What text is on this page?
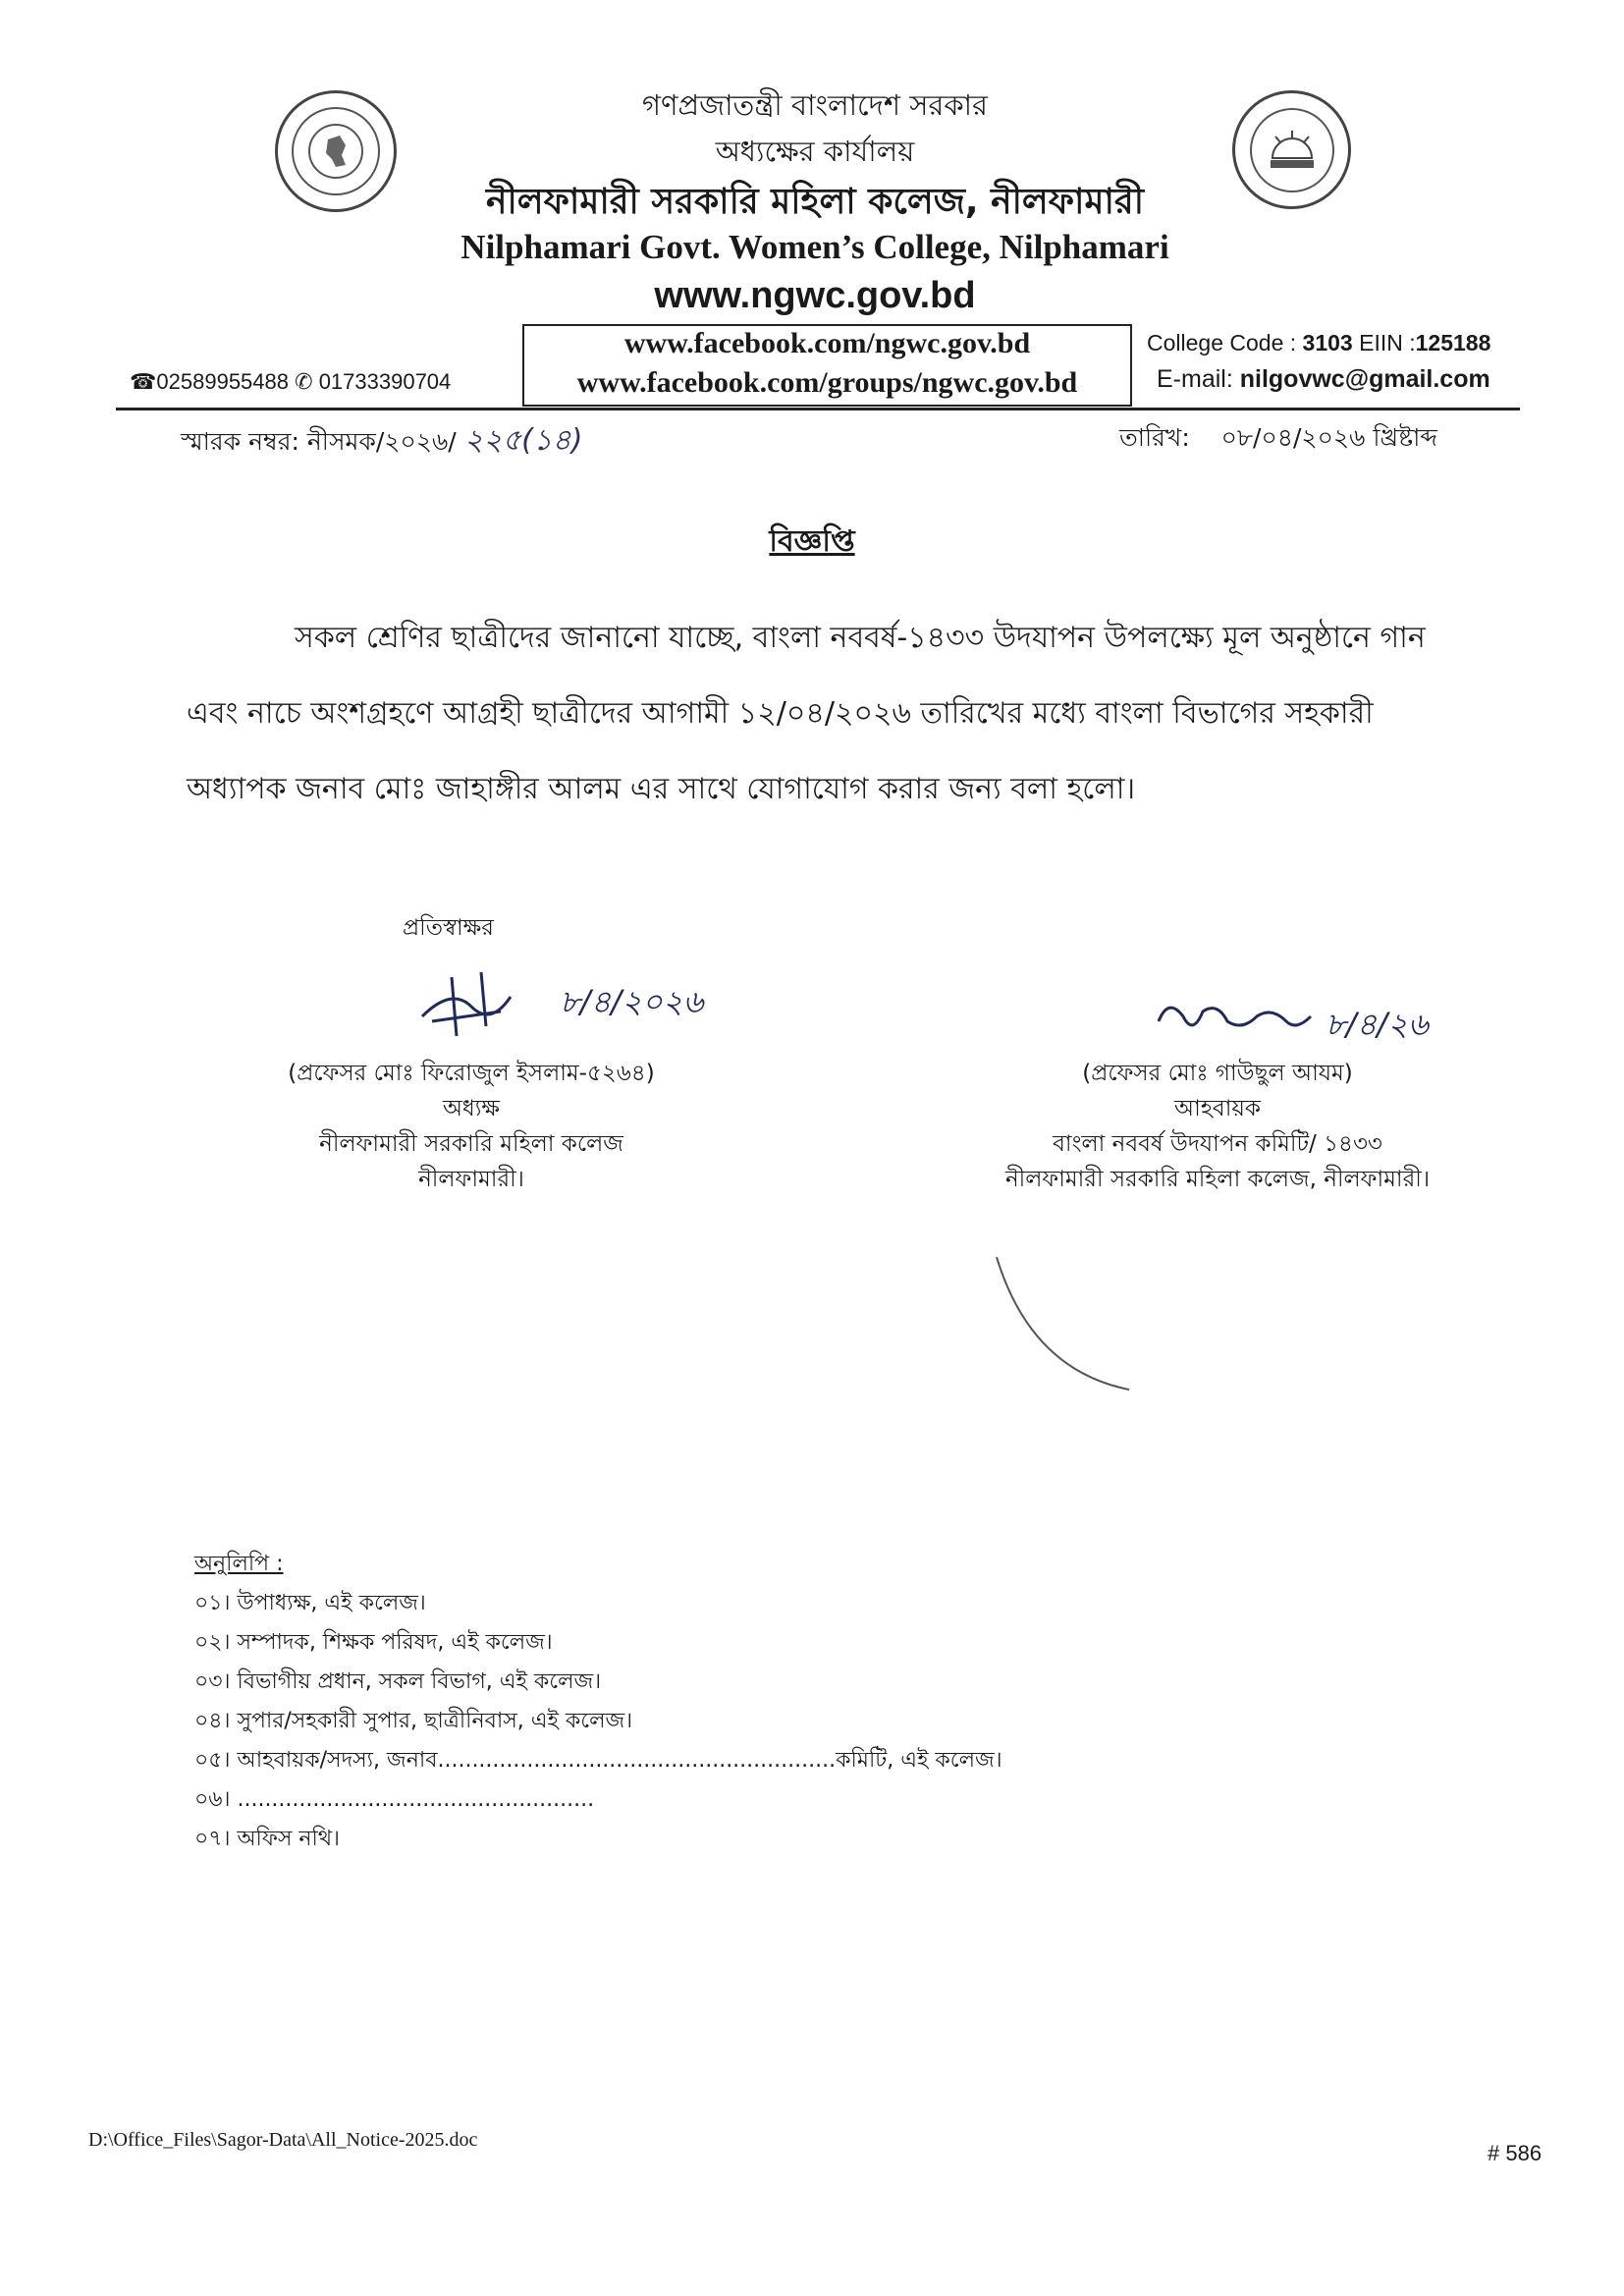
গণপ্রজাতন্ত্রী বাংলাদেশ সরকার
অধ্যক্ষের কার্যালয়
নীলফামারী সরকারি মহিলা কলেজ, নীলফামারী
Nilphamari Govt. Women’s College, Nilphamari
www.ngwc.gov.bd
www.facebook.com/ngwc.gov.bd
www.facebook.com/groups/ngwc.gov.bd
☎02589955488 ✆ 01733390704
College Code : 3103 EIIN :125188
E-mail: nilgovwc@gmail.com
স্মারক নম্বর: নীসমক/২০২৬/ ২২৫(১৪)	তারিখ: ০৮/০৪/২০২৬ খ্রিষ্টাব্দ
বিজ্ঞপ্তি
সকল শ্রেণির ছাত্রীদের জানানো যাচ্ছে, বাংলা নববর্ষ-১৪৩৩ উদযাপন উপলক্ষ্যে মূল অনুষ্ঠানে গান
এবং নাচে অংশগ্রহণে আগ্রহী ছাত্রীদের আগামী ১২/০৪/২০২৬ তারিখের মধ্যে বাংলা বিভাগের সহকারী
অধ্যাপক জনাব মোঃ জাহাঙ্গীর আলম এর সাথে যোগাযোগ করার জন্য বলা হলো।
প্রতিস্বাক্ষর
৮/৪/২০২৬
(প্রফেসর মোঃ ফিরোজুল ইসলাম-৫২৬৪)
অধ্যক্ষ
নীলফামারী সরকারি মহিলা কলেজ
নীলফামারী।
৮/৪/২৬
(প্রফেসর মোঃ গাউছুল আযম)
আহবায়ক
বাংলা নববর্ষ উদযাপন কমিটি/ ১৪৩৩
নীলফামারী সরকারি মহিলা কলেজ, নীলফামারী।
অনুলিপি :
০১। উপাধ্যক্ষ, এই কলেজ।
০২। সম্পাদক, শিক্ষক পরিষদ, এই কলেজ।
০৩। বিভাগীয় প্রধান, সকল বিভাগ, এই কলেজ।
০৪। সুপার/সহকারী সুপার, ছাত্রীনিবাস, এই কলেজ।
০৫। আহবায়ক/সদস্য, জনাব..........................................................কমিটি, এই কলেজ।
০৬। ....................................................
০৭। অফিস নথি।
D:\Office_Files\Sagor-Data\All_Notice-2025.doc
# 586
